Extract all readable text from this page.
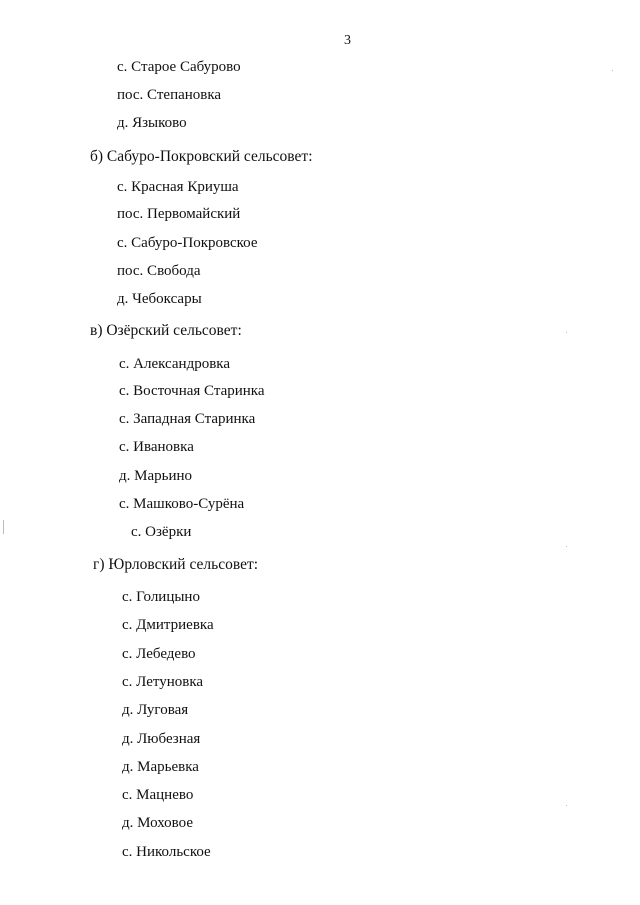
3
с. Старое Сабурово
пос. Степановка
д. Языково
б) Сабуро-Покровский сельсовет:
с. Красная Криуша
пос. Первомайский
с. Сабуро-Покровское
пос. Свобода
д. Чебоксары
в) Озёрский сельсовет:
с. Александровка
с. Восточная Старинка
с. Западная Старинка
с. Ивановка
д. Марьино
с. Машково-Сурёна
с. Озёрки
г) Юрловский сельсовет:
с. Голицыно
с. Дмитриевка
с. Лебедево
с. Летуновка
д. Луговая
д. Любезная
д. Марьевка
с. Мацнево
д. Моховое
с. Никольское
